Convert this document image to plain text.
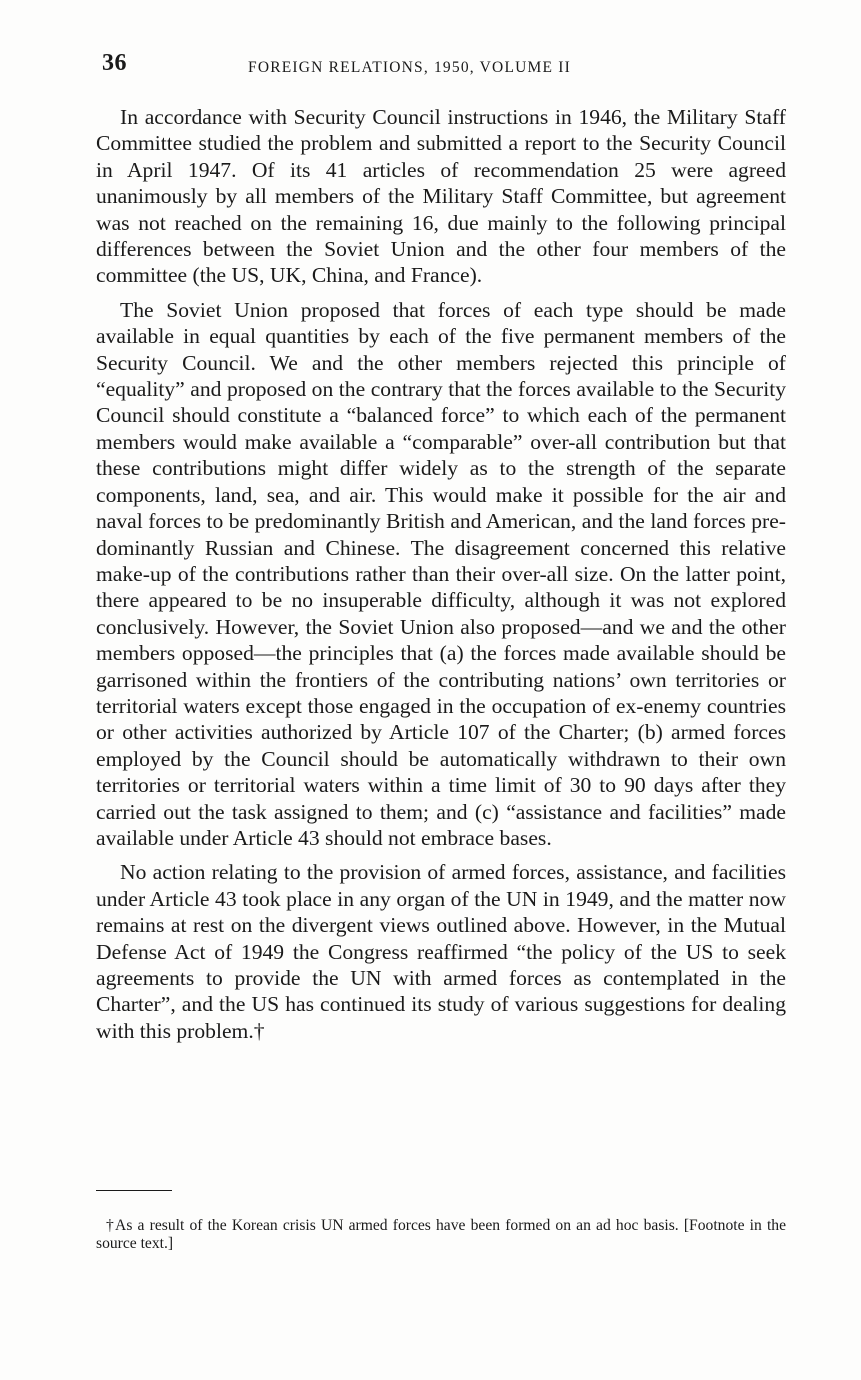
36	FOREIGN RELATIONS, 1950, VOLUME II

In accordance with Security Council instructions in 1946, the Military Staff Committee studied the problem and submitted a report to the Security Council in April 1947. Of its 41 articles of recommendation 25 were agreed unanimously by all members of the Military Staff Committee, but agreement was not reached on the remaining 16, due mainly to the following principal differences between the Soviet Union and the other four members of the committee (the US, UK, China, and France).

The Soviet Union proposed that forces of each type should be made available in equal quantities by each of the five permanent members of the Security Council. We and the other members rejected this principle of “equality” and proposed on the contrary that the forces available to the Security Council should constitute a “balanced force” to which each of the permanent members would make available a “comparable” over-all contribution but that these contributions might differ widely as to the strength of the separate components, land, sea, and air. This would make it possible for the air and naval forces to be predominantly British and American, and the land forces predominantly Russian and Chinese. The disagreement concerned this relative make-up of the contributions rather than their over-all size. On the latter point, there appeared to be no insuperable difficulty, although it was not explored conclusively. However, the Soviet Union also proposed—and we and the other members opposed—the principles that (a) the forces made available should be garrisoned within the frontiers of the contributing nations’ own territories or territorial waters except those engaged in the occupation of ex-enemy countries or other activities authorized by Article 107 of the Charter; (b) armed forces employed by the Council should be automatically withdrawn to their own territories or territorial waters within a time limit of 30 to 90 days after they carried out the task assigned to them; and (c) “assistance and facilities” made available under Article 43 should not embrace bases.

No action relating to the provision of armed forces, assistance, and facilities under Article 43 took place in any organ of the UN in 1949, and the matter now remains at rest on the divergent views outlined above. However, in the Mutual Defense Act of 1949 the Congress reaffirmed “the policy of the US to seek agreements to provide the UN with armed forces as contemplated in the Charter”, and the US has continued its study of various suggestions for dealing with this problem.†

†As a result of the Korean crisis UN armed forces have been formed on an ad hoc basis. [Footnote in the source text.]
